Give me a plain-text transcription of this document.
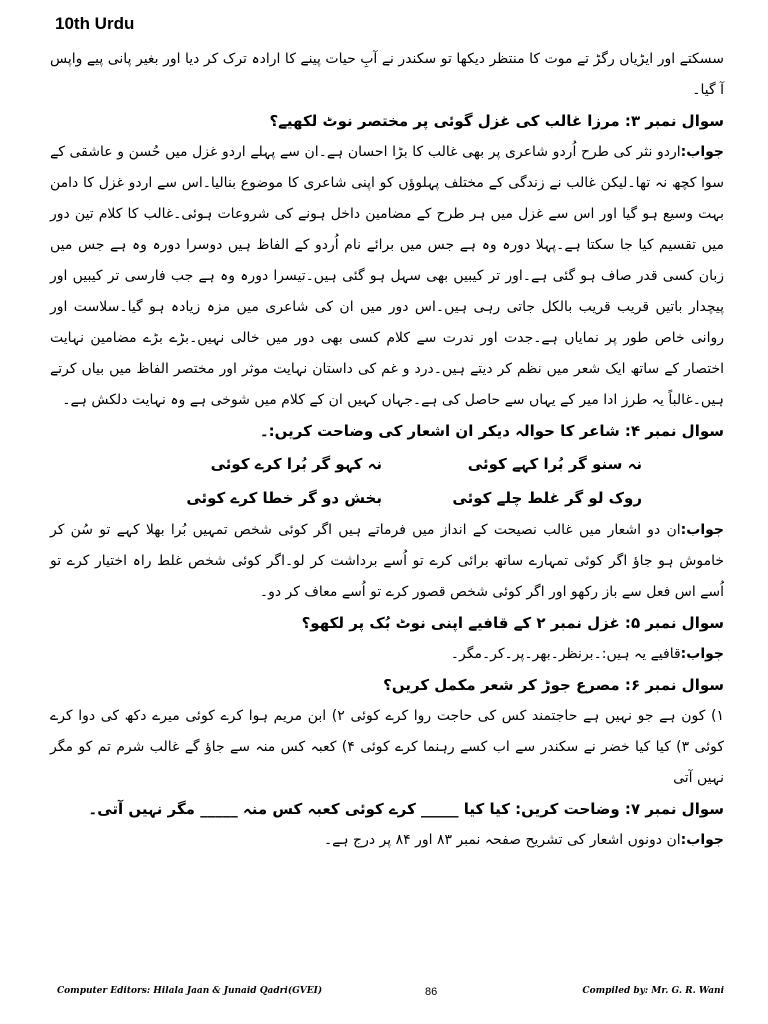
10th Urdu

سسکتے اور ایڑیاں رگڑ تے موت کا منتظر دیکھا تو سکندر نے آبِ حیات پینے کا ارادہ ترک کر دیا اور بغیر پانی پیے واپس آ گیا۔

سوال نمبر ۳: مرزا غالب کی غزل گوئی پر مختصر نوٹ لکھیے؟

جواب:اردو نثر کی طرح اُردو شاعری پر بھی غالب کا بڑا احسان ہے۔ان سے پہلے اردو غزل میں حُسن و عاشقی کے سوا کچھ نہ تھا۔لیکن غالب نے زندگی کے مختلف پہلوؤں کو اپنی شاعری کا موضوع بنالیا۔اس سے اردو غزل کا دامن بہت وسیع ہو گیا اور اس سے غزل میں ہر طرح کے مضامین داخل ہونے کی شروعات ہوئی۔غالب کا کلام تین دور میں تقسیم کیا جا سکتا ہے۔پہلا دورہ وہ ہے جس میں برائے نام اُردو کے الفاظ ہیں دوسرا دورہ وہ ہے جس میں زبان کسی قدر صاف ہو گئی ہے۔اور تر کیبیں بھی سہل ہو گئی ہیں۔تیسرا دورہ وہ ہے جب فارسی تر کیبیں اور پیچدار باتیں قریب قریب بالکل جاتی رہی ہیں۔اس دور میں ان کی شاعری میں مزہ زیادہ ہو گیا۔سلاست اور روانی خاص طور پر نمایاں ہے۔جدت اور ندرت سے کلام کسی بھی دور میں خالی نہیں۔بڑے بڑے مضامین نہایت اختصار کے ساتھ ایک شعر میں نظم کر دیتے ہیں۔درد و غم کی داستان نہایت موثر اور مختصر الفاظ میں بیاں کرتے ہیں۔غالباً یہ طرز ادا میر کے یہاں سے حاصل کی ہے۔جہاں کہیں ان کے کلام میں شوخی ہے وہ نہایت دلکش ہے۔

سوال نمبر ۴: شاعر کا حوالہ دیکر ان اشعار کی وضاحت کریں:۔

نہ سنو گر بُرا کہے کوئی
نہ کہو گر بُرا کرے کوئی
روک لو گر غلط چلے کوئی
بخش دو گر خطا کرے کوئی

جواب:ان دو اشعار میں غالب نصیحت کے انداز میں فرماتے ہیں اگر کوئی شخص تمہیں بُرا بھلا کہے تو سُن کر خاموش ہو جاؤ اگر کوئی تمہارے ساتھ برائی کرے تو اُسے برداشت کر لو۔اگر کوئی شخص غلط راہ اختیار کرے تو اُسے اس فعل سے باز رکھو اور اگر کوئی شخص قصور کرے تو اُسے معاف کر دو۔

سوال نمبر ۵: غزل نمبر ۲ کے قافیے اپنی نوٹ بُک پر لکھو؟

جواب:قافیے یہ ہیں:۔برنظر۔بھر۔پر۔کر۔مگر۔

سوال نمبر ۶: مصرع جوڑ کر شعر مکمل کریں؟

۱) کون ہے جو نہیں ہے حاجتمند کس کی حاجت روا کرے کوئی ۲) ابن مریم ہوا کرے کوئی میرے دکھ کی دوا کرے کوئی ۳) کیا کیا خضر نے سکندر سے اب کسے رہنما کرے کوئی ۴) کعبہ کس منہ سے جاؤ گے غالب شرم تم کو مگر نہیں آتی

سوال نمبر ۷: وضاحت کریں: کیا کیا _____ کرے کوئی کعبہ کس منہ _____ مگر نہیں آتی۔

جواب:ان دونوں اشعار کی تشریح صفحہ نمبر ۸۳ اور ۸۴ پر درج ہے۔

Computer Editors: Hilala Jaan & Junaid Qadri(GVEI)	86	Compiled by: Mr. G. R. Wani
